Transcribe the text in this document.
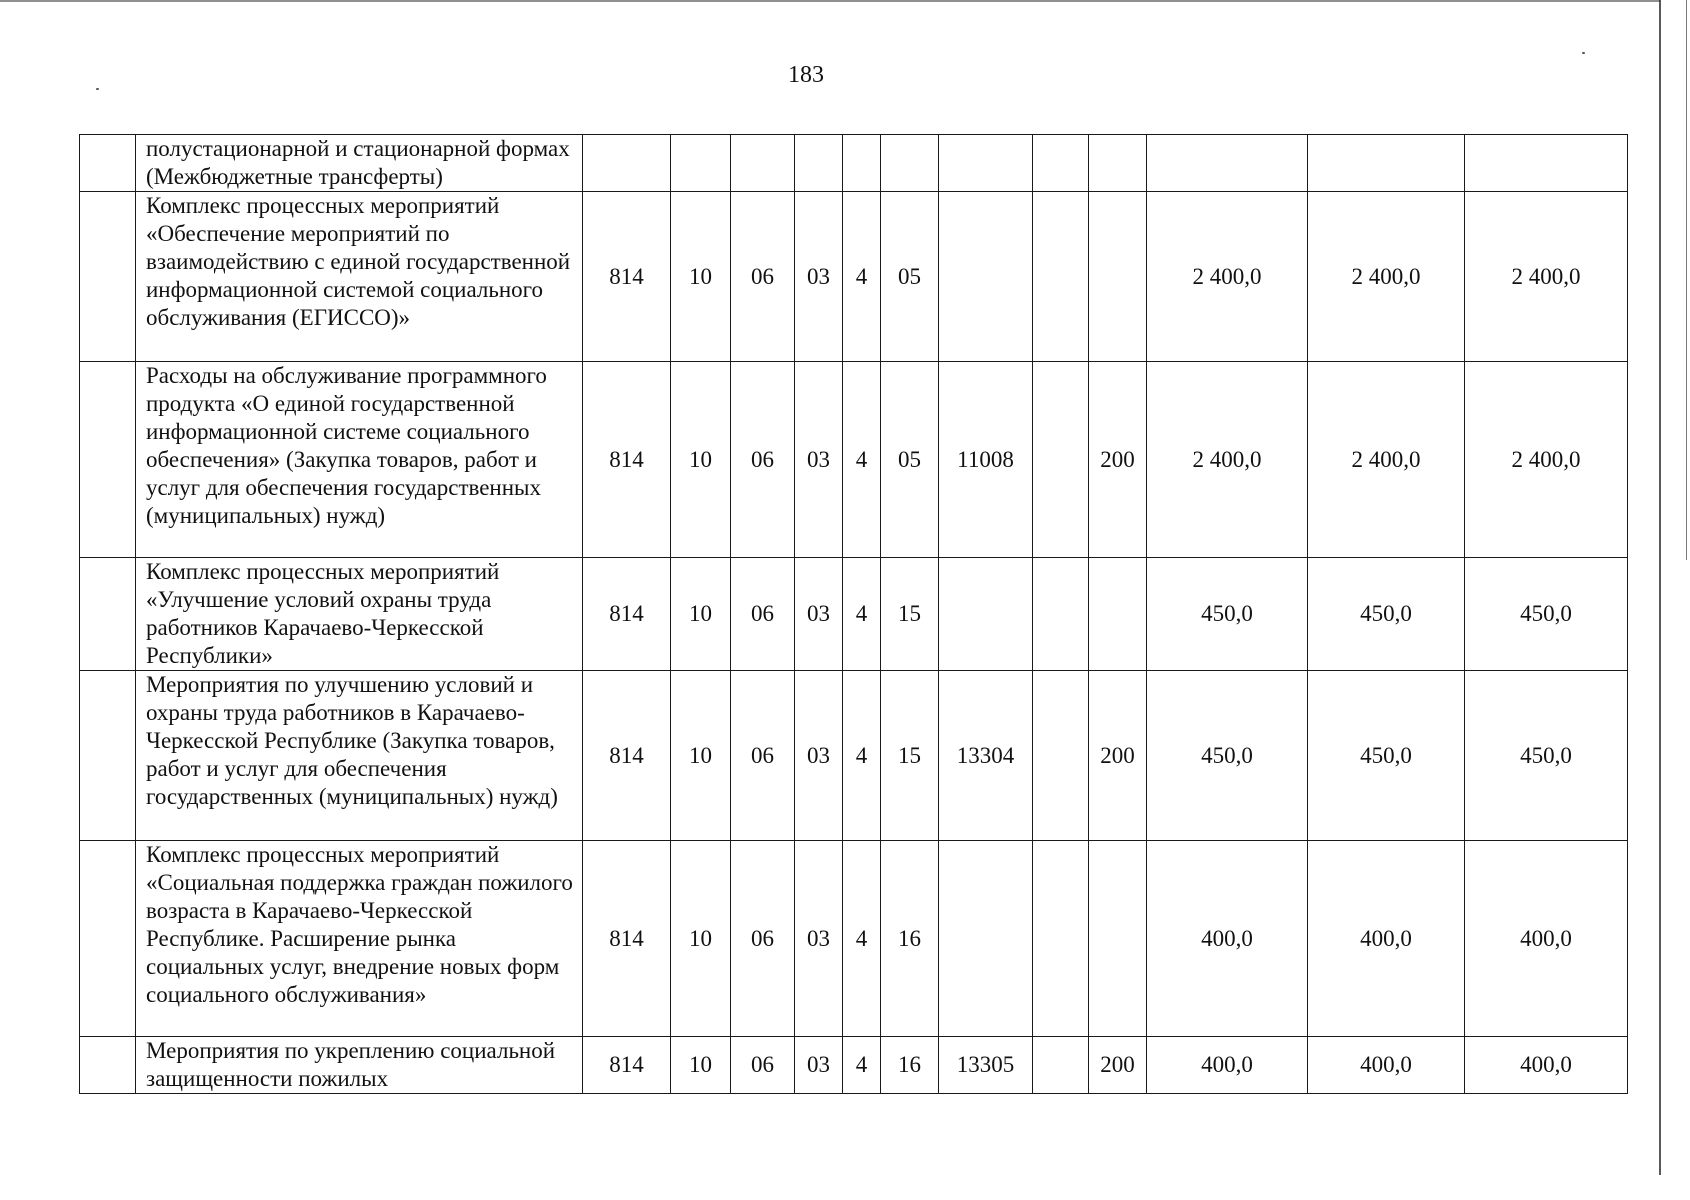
183
	полустационарной и стационарной формах (Межбюджетные трансферты)												
	Комплекс процессных мероприятий «Обеспечение мероприятий по взаимодействию с единой государственной информационной системой социального обслуживания (ЕГИССО)»	814	10	06	03	4	05				2 400,0	2 400,0	2 400,0
	Расходы на обслуживание программного продукта «О единой государственной информационной системе социального обеспечения» (Закупка товаров, работ и услуг для обеспечения государственных (муниципальных) нужд)	814	10	06	03	4	05	11008		200	2 400,0	2 400,0	2 400,0
	Комплекс процессных мероприятий «Улучшение условий охраны труда работников Карачаево-Черкесской Республики»	814	10	06	03	4	15				450,0	450,0	450,0
	Мероприятия по улучшению условий и охраны труда работников в Карачаево-Черкесской Республике (Закупка товаров, работ и услуг для обеспечения государственных (муниципальных) нужд)	814	10	06	03	4	15	13304		200	450,0	450,0	450,0
	Комплекс процессных мероприятий «Социальная поддержка граждан пожилого возраста в Карачаево-Черкесской Республике. Расширение рынка социальных услуг, внедрение новых форм социального обслуживания»	814	10	06	03	4	16				400,0	400,0	400,0
	Мероприятия по укреплению социальной защищенности пожилых	814	10	06	03	4	16	13305		200	400,0	400,0	400,0
